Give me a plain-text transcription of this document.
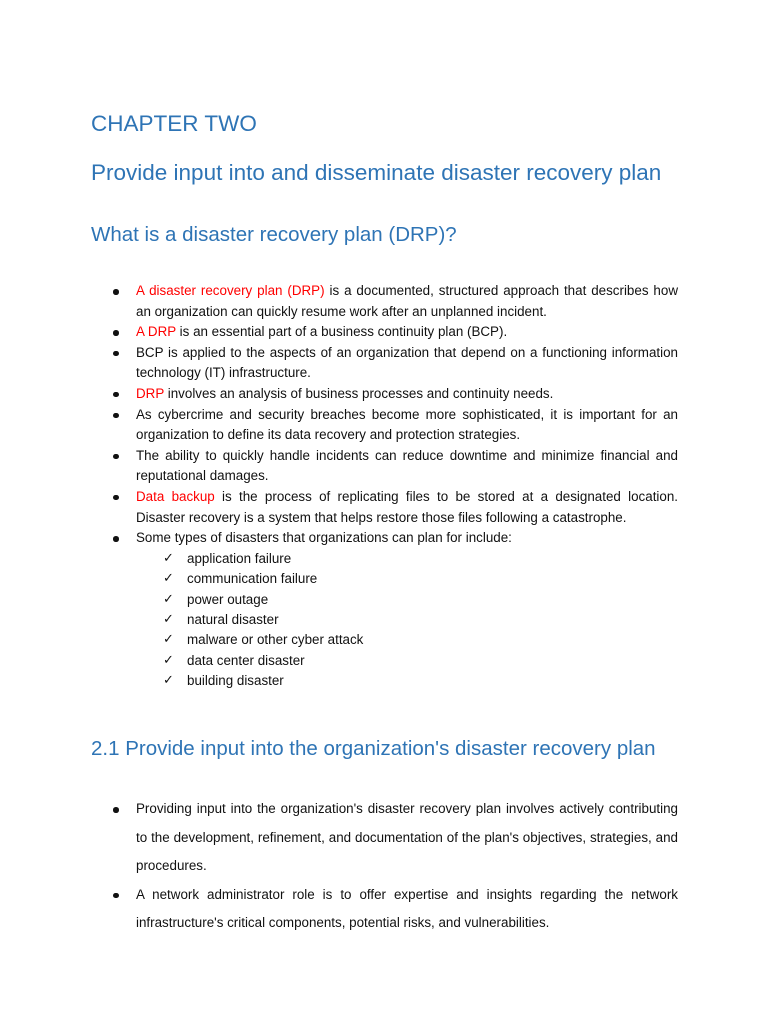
CHAPTER TWO
Provide input into and disseminate disaster recovery plan
What is a disaster recovery plan (DRP)?
A disaster recovery plan (DRP) is a documented, structured approach that describes how an organization can quickly resume work after an unplanned incident.
A DRP is an essential part of a business continuity plan (BCP).
BCP is applied to the aspects of an organization that depend on a functioning information technology (IT) infrastructure.
DRP involves an analysis of business processes and continuity needs.
As cybercrime and security breaches become more sophisticated, it is important for an organization to define its data recovery and protection strategies.
The ability to quickly handle incidents can reduce downtime and minimize financial and reputational damages.
Data backup is the process of replicating files to be stored at a designated location. Disaster recovery is a system that helps restore those files following a catastrophe.
Some types of disasters that organizations can plan for include:
✓ application failure
✓ communication failure
✓ power outage
✓ natural disaster
✓ malware or other cyber attack
✓ data center disaster
✓ building disaster
2.1 Provide input into the organization's disaster recovery plan
Providing input into the organization's disaster recovery plan involves actively contributing to the development, refinement, and documentation of the plan's objectives, strategies, and procedures.
A network administrator role is to offer expertise and insights regarding the network infrastructure's critical components, potential risks, and vulnerabilities.
